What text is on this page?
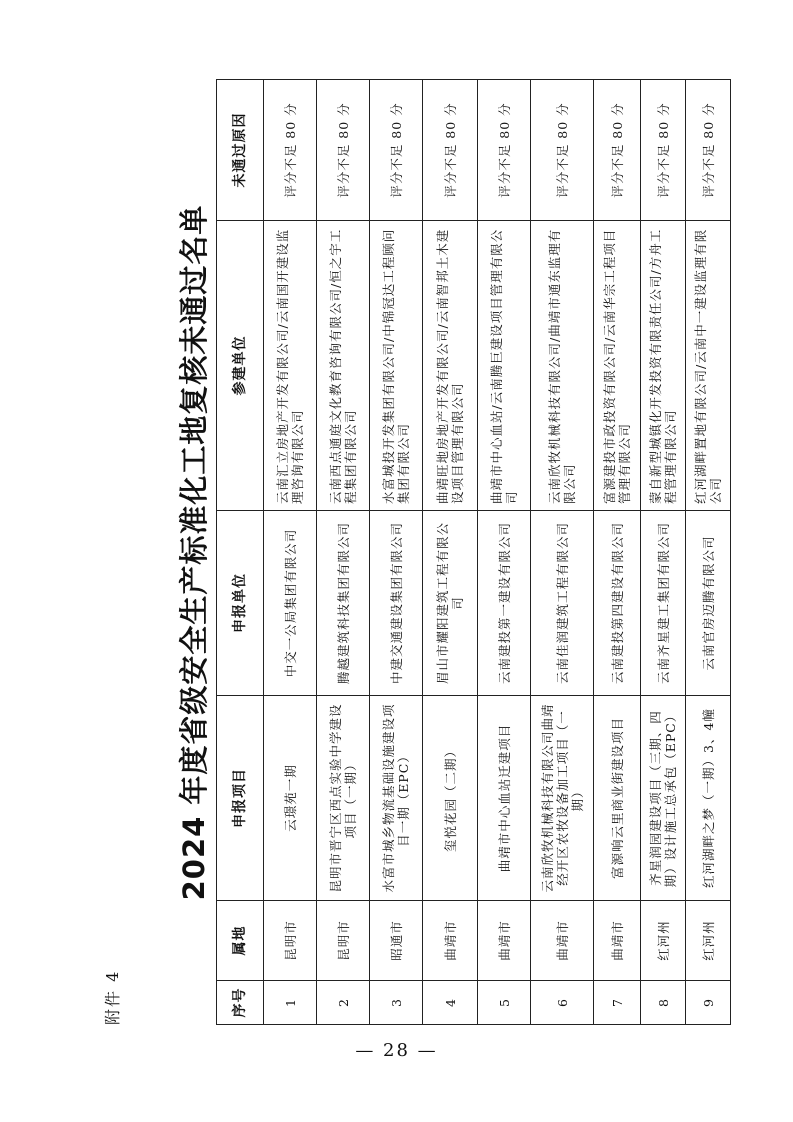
附件 4
2024 年度省级安全生产标准化工地复核未通过名单
序号	属地	申报项目	申报单位	参建单位	未通过原因
1	昆明市	云璟苑一期	中交一公局集团有限公司	云南汇立房地产开发有限公司/云南国开建设监理咨询有限公司	评分不足 80 分
2	昆明市	昆明市晋宁区西点实验中学建设项目（一期）	腾越建筑科技集团有限公司	云南西点通庭文化教育咨询有限公司/恒之宇工程集团有限公司	评分不足 80 分
3	昭通市	水富市城乡物流基础设施建设项目一期（EPC）	中建交通建设集团有限公司	水富城投开发集团有限公司/中锦冠达工程顾问集团有限公司	评分不足 80 分
4	曲靖市	玺悦花园（二期）	眉山市耀阳建筑工程有限公司	曲靖旺地房地产开发有限公司/云南智邦土木建设项目管理有限公司	评分不足 80 分
5	曲靖市	曲靖市中心血站迁建项目	云南建投第一建设有限公司	曲靖市中心血站/云南腾巨建设项目管理有限公司	评分不足 80 分
6	曲靖市	云南欣牧机械科技有限公司曲靖经开区农牧设备加工项目（一期）	云南佳润建筑工程有限公司	云南欣牧机械科技有限公司/曲靖市通东监理有限公司	评分不足 80 分
7	曲靖市	富源响云里商业街建设项目	云南建投第四建设有限公司	富源建投市政投资有限公司/云南华宗工程项目管理有限公司	评分不足 80 分
8	红河州	齐星润园建设项目（三期、四期）设计施工总承包（EPC）	云南齐星建工集团有限公司	蒙自新型城镇化开发投资有限责任公司/方舟工程管理有限公司	评分不足 80 分
9	红河州	红河湖畔之梦（一期）3、4幢	云南官房迈腾有限公司	红河湖畔置地有限公司/云南中一建设监理有限公司	评分不足 80 分
— 28 —
